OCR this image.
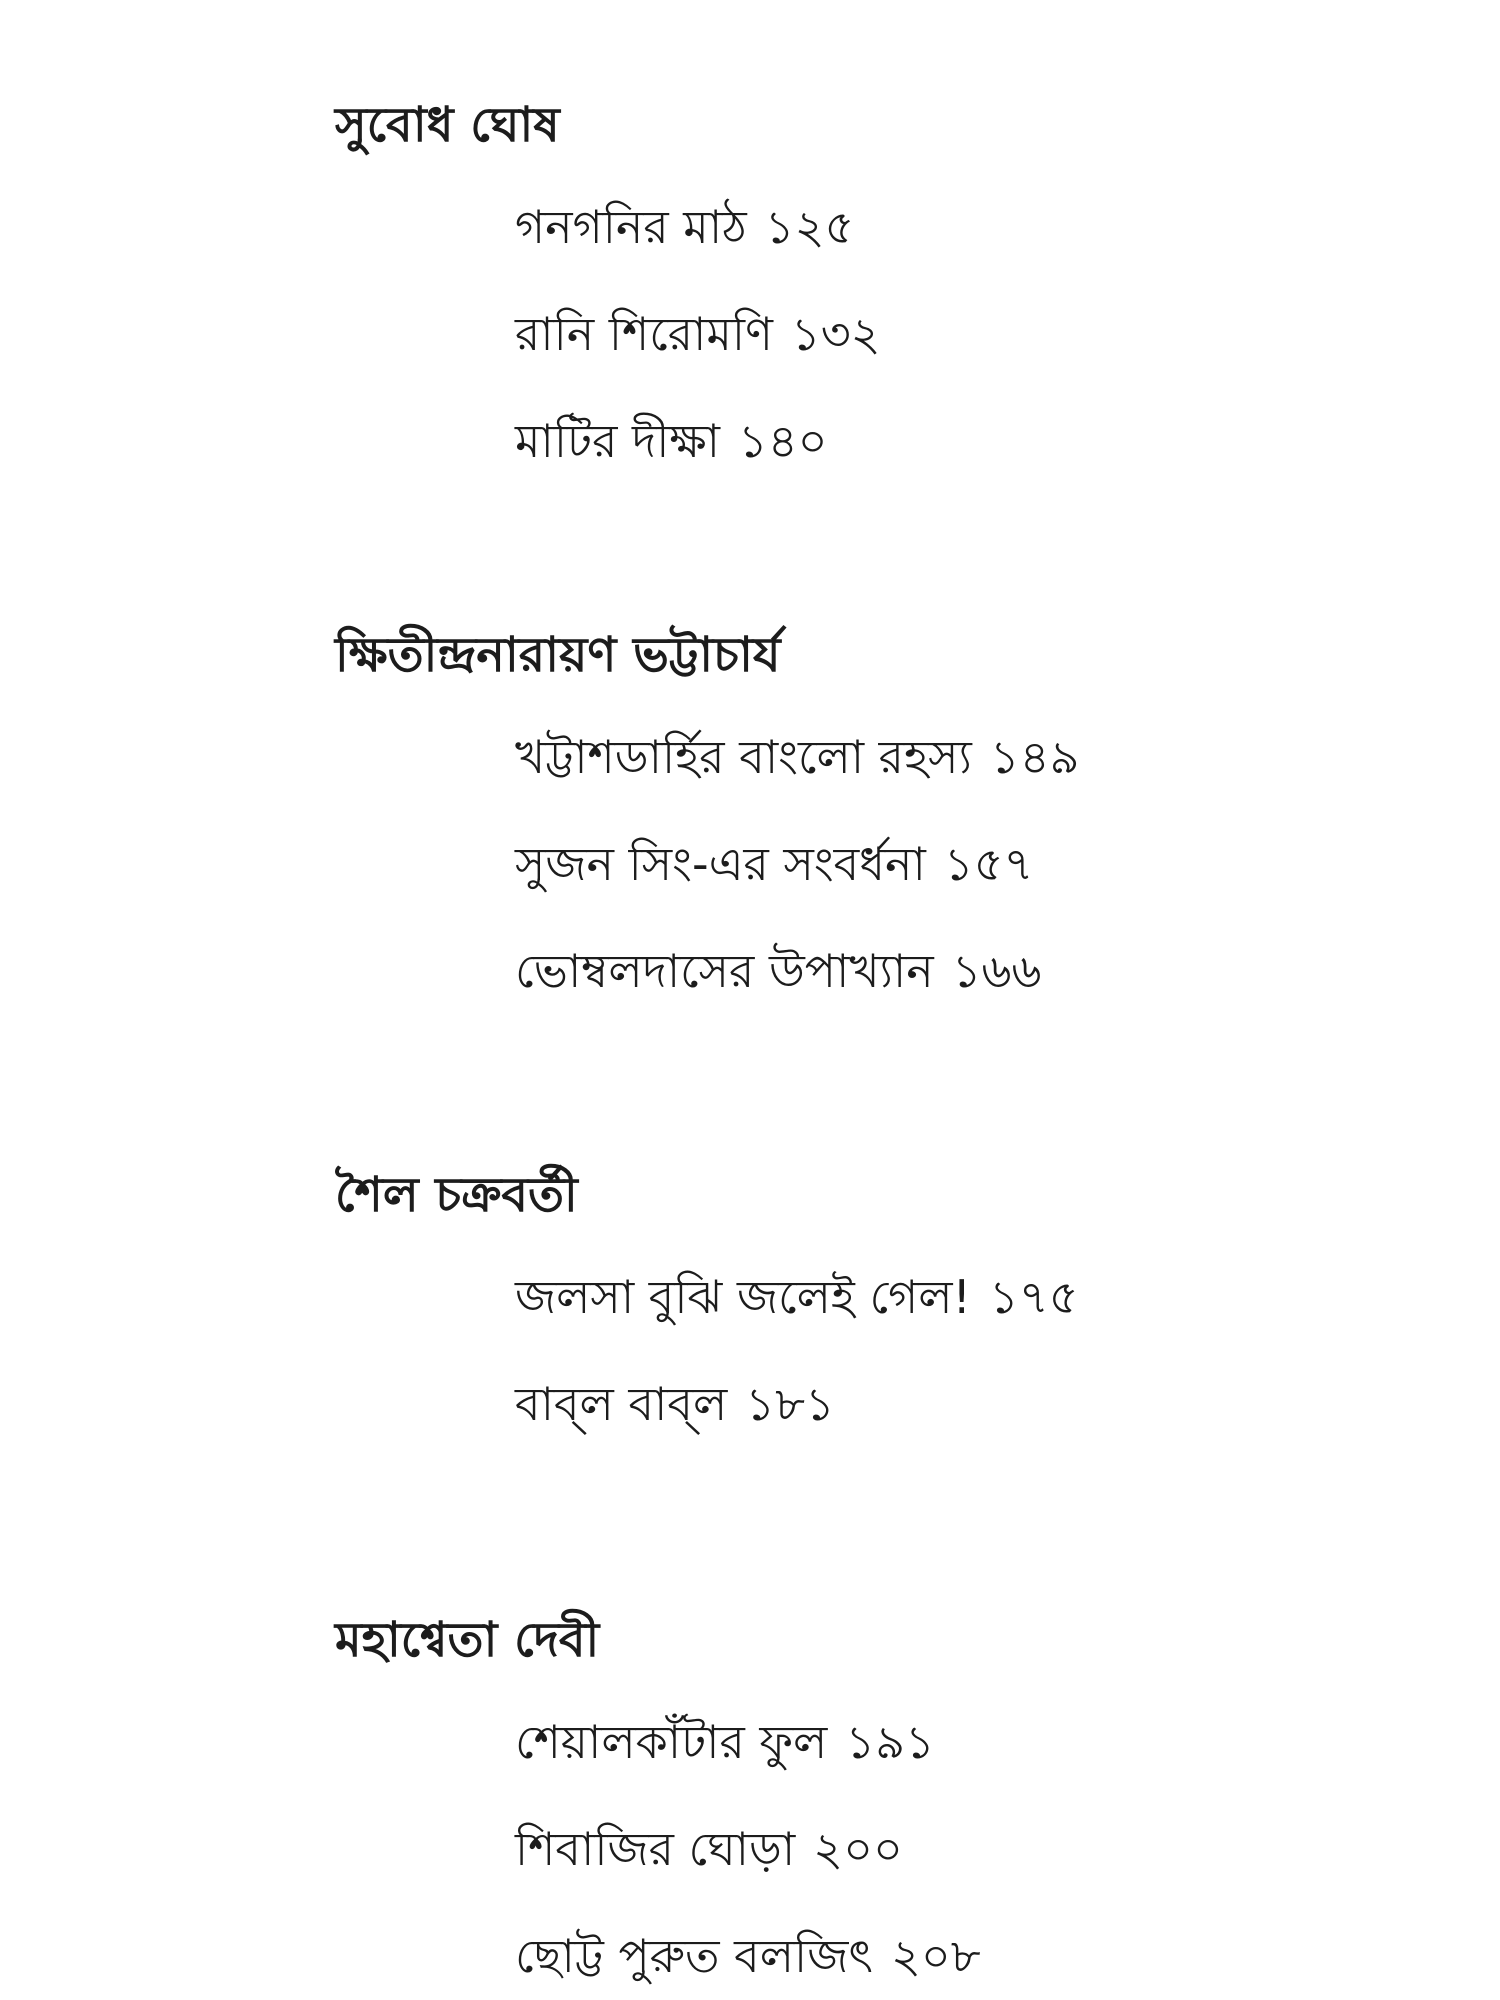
সুবোধ ঘোষ
গনগনির মাঠ ১২৫
রানি শিরোমণি ১৩২
মাটির দীক্ষা ১৪০
ক্ষিতীন্দ্রনারায়ণ ভট্টাচার্য
খট্টাশডার্হির বাংলো রহস্য ১৪৯
সুজন সিং-এর সংবর্ধনা ১৫৭
ভোম্বলদাসের উপাখ্যান ১৬৬
শৈল চক্রবর্তী
জলসা বুঝি জলেই গেল! ১৭৫
বাব্‌ল বাব্‌ল ১৮১
মহাশ্বেতা দেবী
শেয়ালকাঁটার ফুল ১৯১
শিবাজির ঘোড়া ২০০
ছোট্ট পুরুত বলজিৎ ২০৮
